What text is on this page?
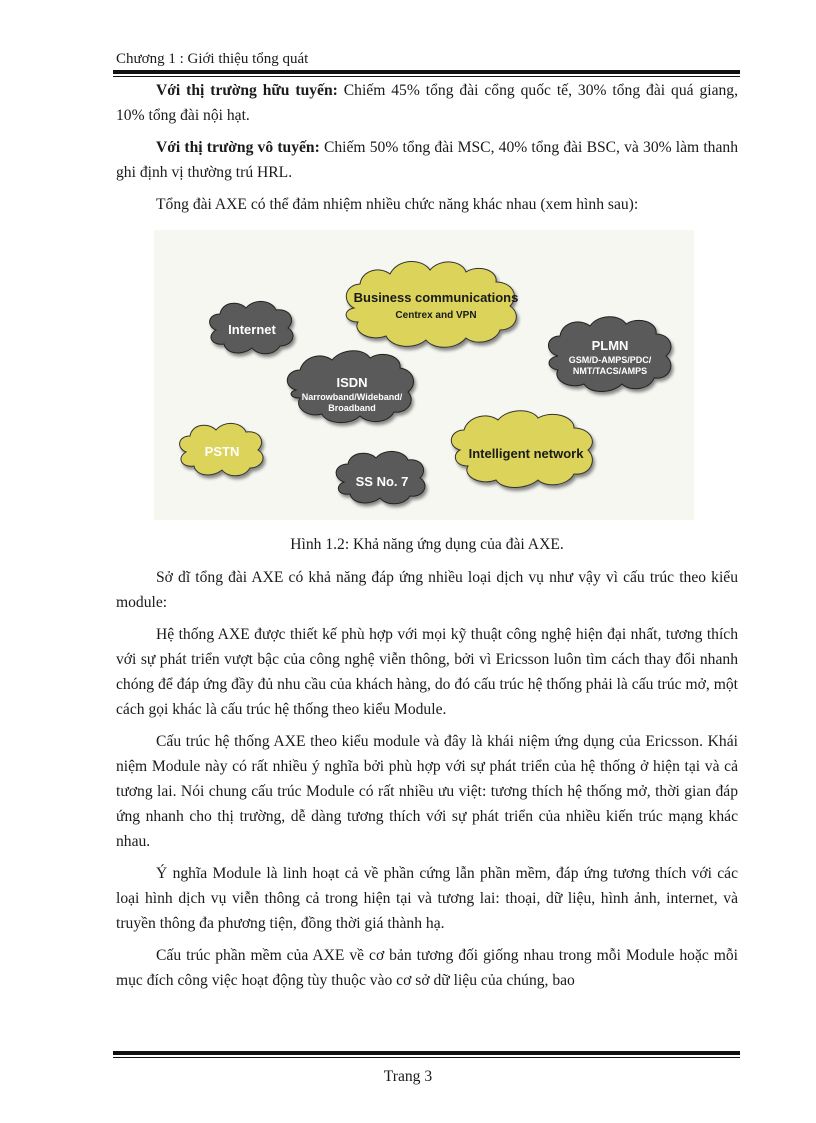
Chương 1 : Giới thiệu tổng quát

Với thị trường hữu tuyến: Chiếm 45% tổng đài cổng quốc tế, 30% tổng đài quá giang, 10% tổng đài nội hạt.

Với thị trường vô tuyến: Chiếm 50% tổng đài MSC, 40% tổng đài BSC, và 30% làm thanh ghi định vị thường trú HRL.

Tổng đài AXE có thể đảm nhiệm nhiều chức năng khác nhau (xem hình sau):

Business communications
Centrex and VPN
Internet
PLMN
GSM/D-AMPS/PDC/
NMT/TACS/AMPS
ISDN
Narrowband/Wideband/
Broadband
PSTN	Intelligent network
SS No. 7

Hình 1.2: Khả năng ứng dụng của đài AXE.

Sở dĩ tổng đài AXE có khả năng đáp ứng nhiều loại dịch vụ như vậy vì cấu trúc theo kiểu module:

Hệ thống AXE được thiết kế phù hợp với mọi kỹ thuật công nghệ hiện đại nhất, tương thích với sự phát triển vượt bậc của công nghệ viễn thông, bởi vì Ericsson luôn tìm cách thay đổi nhanh chóng để đáp ứng đầy đủ nhu cầu của khách hàng, do đó cấu trúc hệ thống phải là cấu trúc mở, một cách gọi khác là cấu trúc hệ thống theo kiểu Module.

Cấu trúc hệ thống AXE theo kiểu module và đây là khái niệm ứng dụng của Ericsson. Khái niệm Module này có rất nhiều ý nghĩa bởi phù hợp với sự phát triển của hệ thống ở hiện tại và cả tương lai. Nói chung cấu trúc Module có rất nhiều ưu việt: tương thích hệ thống mở, thời gian đáp ứng nhanh cho thị trường, dễ dàng tương thích với sự phát triển của nhiều kiến trúc mạng khác nhau.

Ý nghĩa Module là linh hoạt cả về phần cứng lẫn phần mềm, đáp ứng tương thích với các loại hình dịch vụ viễn thông cả trong hiện tại và tương lai: thoại, dữ liệu, hình ảnh, internet, và truyền thông đa phương tiện, đồng thời giá thành hạ.

Cấu trúc phần mềm của AXE về cơ bản tương đối giống nhau trong mỗi Module hoặc mỗi mục đích công việc hoạt động tùy thuộc vào cơ sở dữ liệu của chúng, bao

Trang 3
